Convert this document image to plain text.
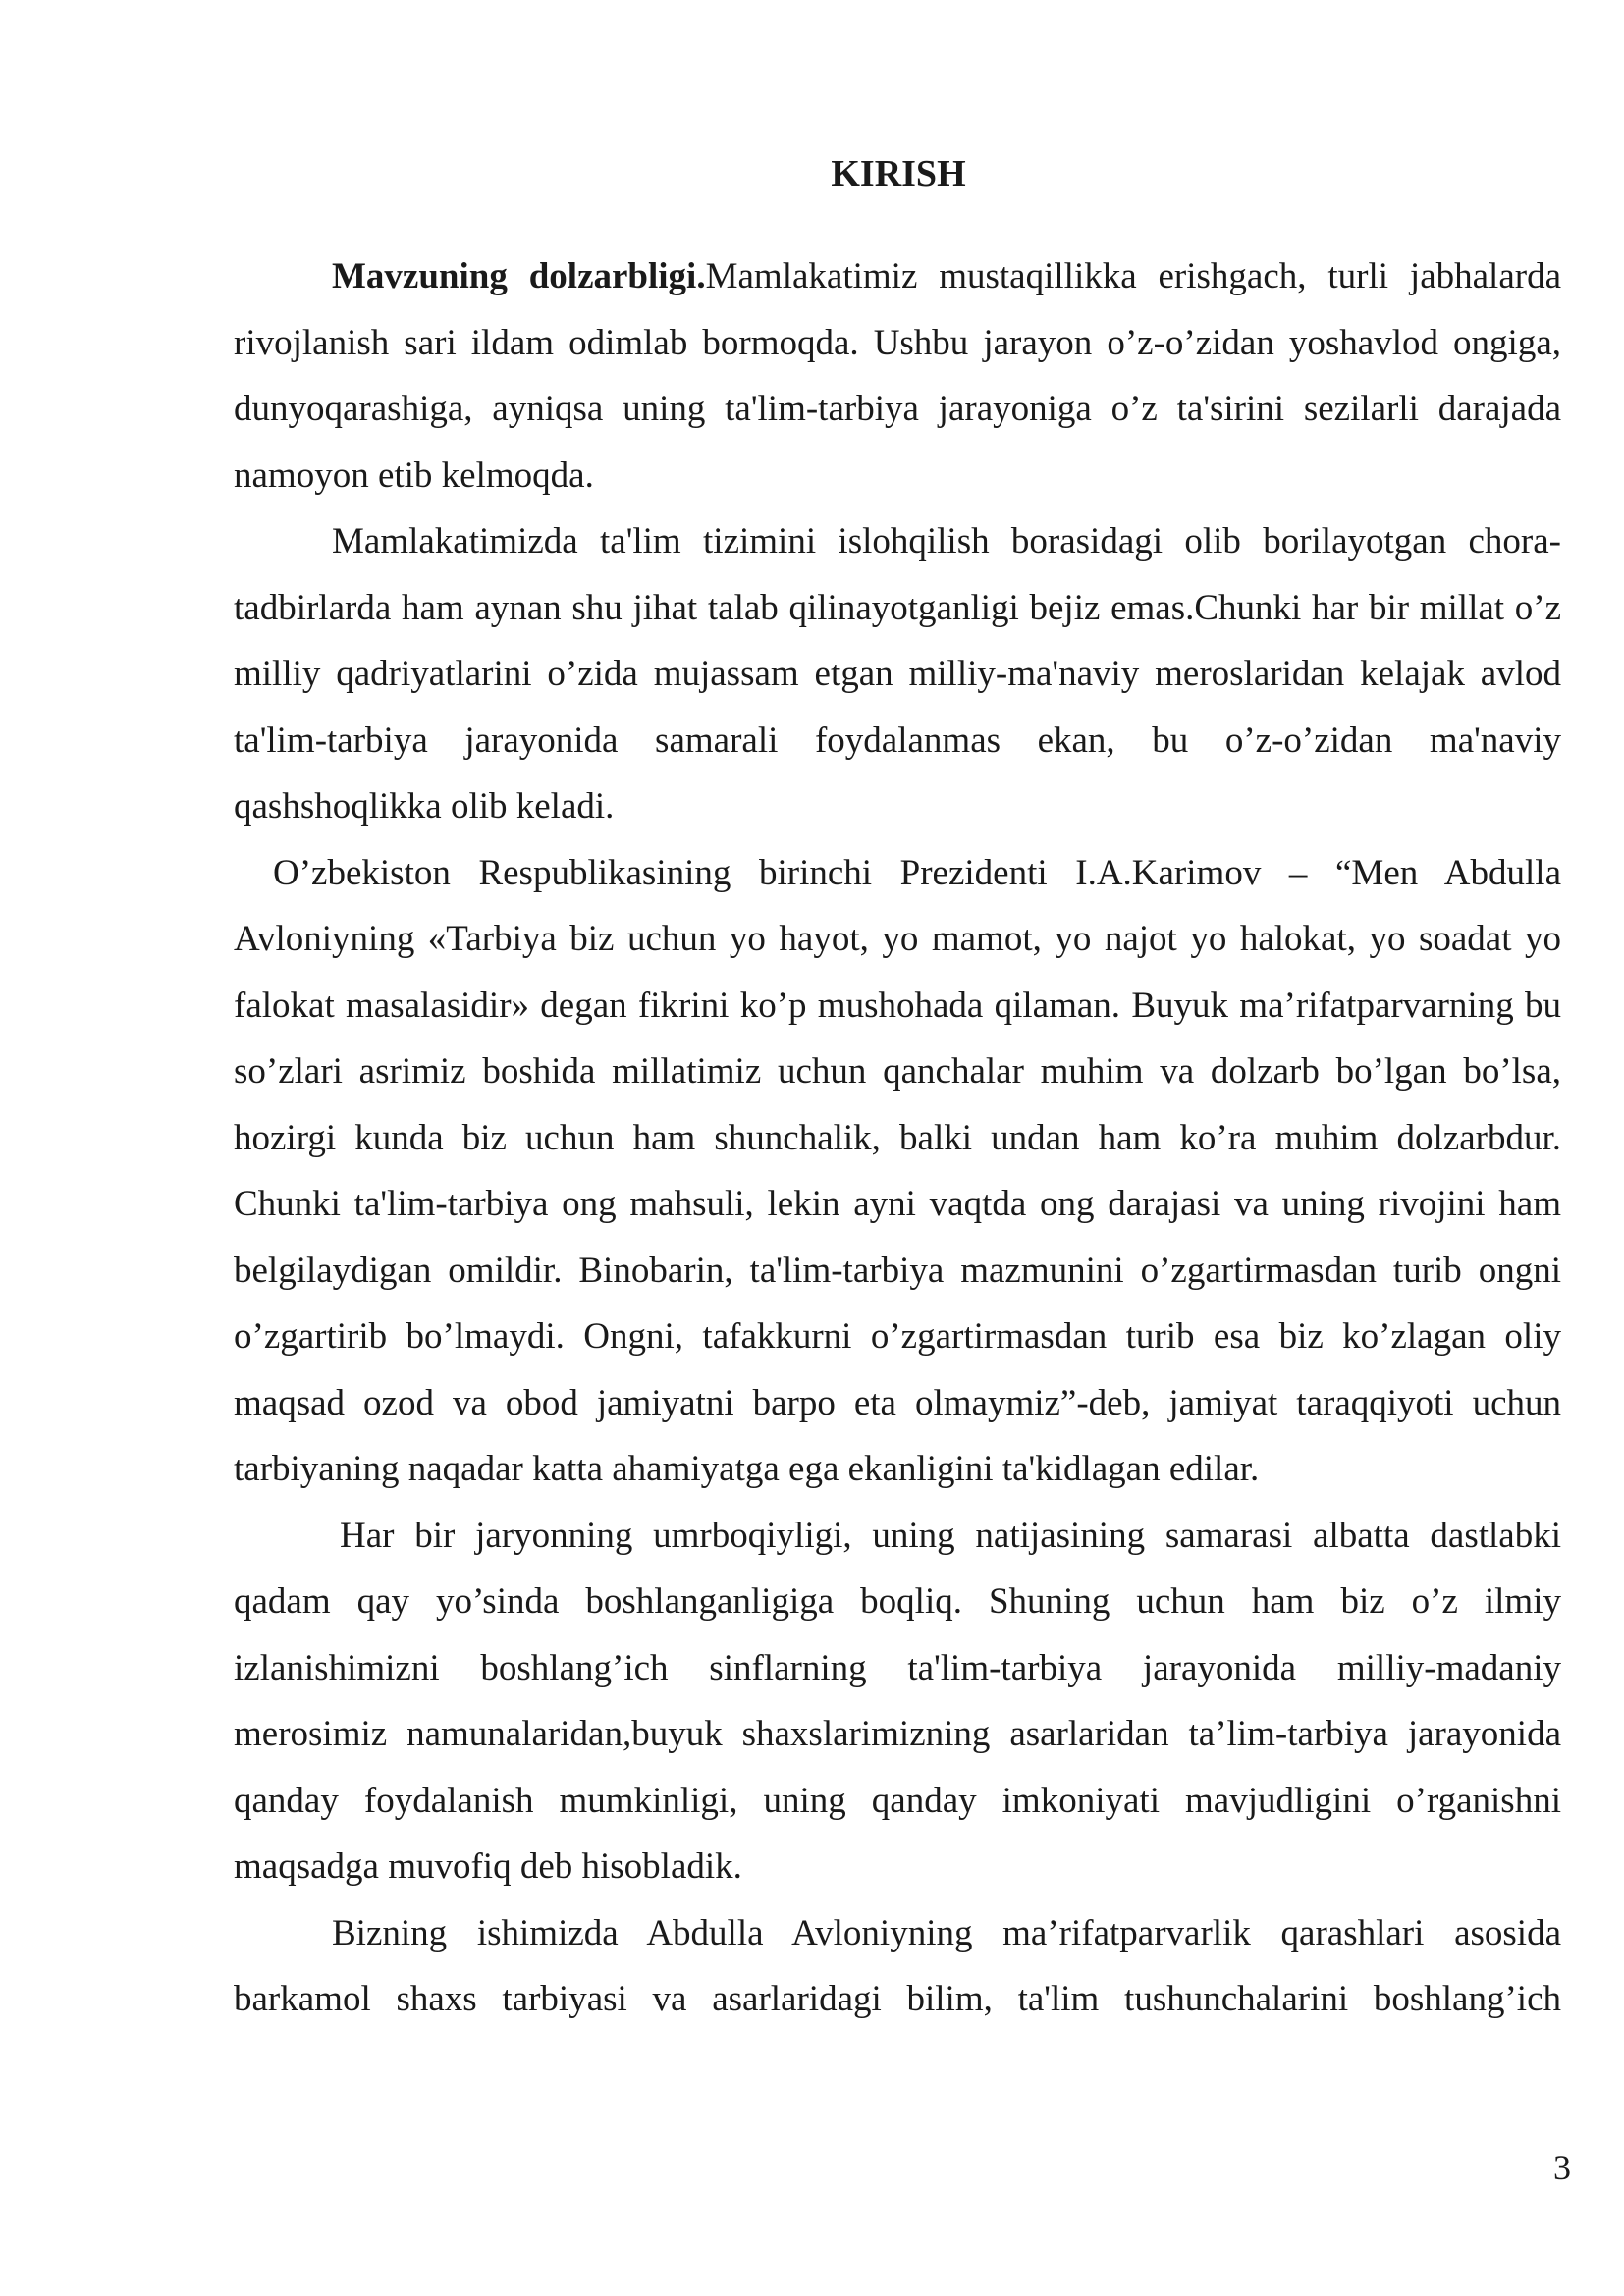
KIRISH

Mavzuning dolzarbligi.Mamlakatimiz mustaqillikka erishgach, turli jabhalarda rivojlanish sari ildam odimlab bormoqda. Ushbu jarayon o’z-o’zidan yoshavlod ongiga, dunyoqarashiga, ayniqsa uning ta'lim-tarbiya jarayoniga o’z ta'sirini sezilarli darajada namoyon etib kelmoqda.

Mamlakatimizda ta'lim tizimini islohqilish borasidagi olib borilayotgan chora-tadbirlarda ham aynan shu jihat talab qilinayotganligi bejiz emas.Chunki har bir millat o’z milliy qadriyatlarini o’zida mujassam etgan milliy-ma'naviy meroslaridan kelajak avlod ta'lim-tarbiya jarayonida samarali foydalanmas ekan, bu o’z-o’zidan ma'naviy qashshoqlikka olib keladi.

O’zbekiston Respublikasining birinchi Prezidenti I.A.Karimov – “Men Abdulla Avloniyning «Tarbiya biz uchun yo hayot, yo mamot, yo najot yo halokat, yo soadat yo falokat masalasidir» degan fikrini ko’p mushohada qilaman. Buyuk ma’rifatparvarning bu so’zlari asrimiz boshida millatimiz uchun qanchalar muhim va dolzarb bo’lgan bo’lsa, hozirgi kunda biz uchun ham shunchalik, balki undan ham ko’ra muhim dolzarbdur. Chunki ta'lim-tarbiya ong mahsuli, lekin ayni vaqtda ong darajasi va uning rivojini ham belgilaydigan omildir. Binobarin, ta'lim-tarbiya mazmunini o’zgartirmasdan turib ongni o’zgartirib bo’lmaydi. Ongni, tafakkurni o’zgartirmasdan turib esa biz ko’zlagan oliy maqsad ozod va obod jamiyatni barpo eta olmaymiz”-deb, jamiyat taraqqiyoti uchun tarbiyaning naqadar katta ahamiyatga ega ekanligini ta'kidlagan edilar.

Har bir jaryonning umrboqiyligi, uning natijasining samarasi albatta dastlabki qadam qay yo’sinda boshlanganligiga boqliq. Shuning uchun ham biz o’z ilmiy izlanishimizni boshlang’ich sinflarning ta'lim-tarbiya jarayonida milliy-madaniy merosimiz namunalaridan,buyuk shaxslarimizning asarlaridan ta’lim-tarbiya jarayonida qanday foydalanish mumkinligi, uning qanday imkoniyati mavjudligini o’rganishni maqsadga muvofiq deb hisobladik.

Bizning ishimizda Abdulla Avloniyning ma’rifatparvarlik qarashlari asosida barkamol shaxs tarbiyasi va asarlaridagi bilim, ta'lim tushunchalarini boshlang’ich

3
